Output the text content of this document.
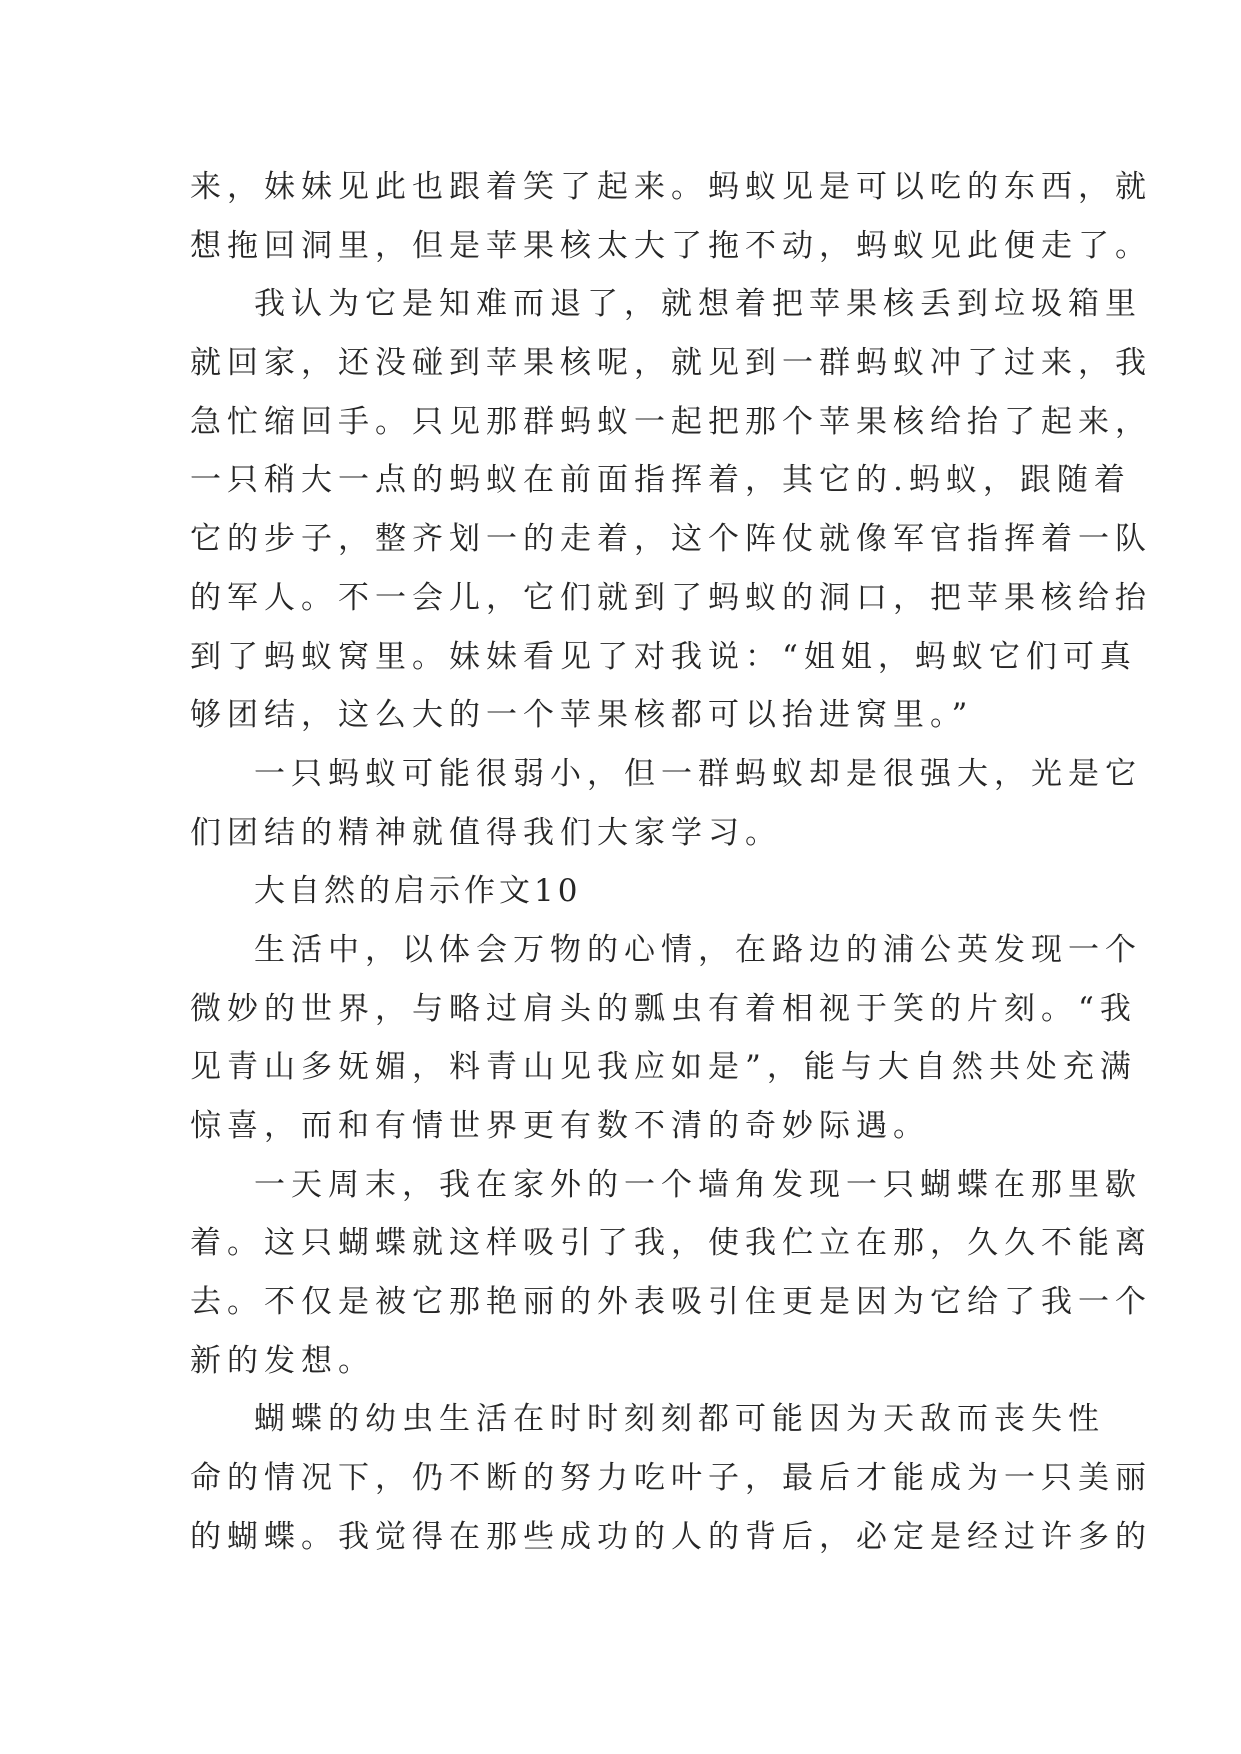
来，妹妹见此也跟着笑了起来。蚂蚁见是可以吃的东西，就
想拖回洞里，但是苹果核太大了拖不动，蚂蚁见此便走了。
我认为它是知难而退了，就想着把苹果核丢到垃圾箱里
就回家，还没碰到苹果核呢，就见到一群蚂蚁冲了过来，我
急忙缩回手。只见那群蚂蚁一起把那个苹果核给抬了起来，
一只稍大一点的蚂蚁在前面指挥着，其它的.蚂蚁，跟随着
它的步子，整齐划一的走着，这个阵仗就像军官指挥着一队
的军人。不一会儿，它们就到了蚂蚁的洞口，把苹果核给抬
到了蚂蚁窝里。妹妹看见了对我说：“姐姐，蚂蚁它们可真
够团结，这么大的一个苹果核都可以抬进窝里。”
一只蚂蚁可能很弱小，但一群蚂蚁却是很强大，光是它
们团结的精神就值得我们大家学习。
大自然的启示作文10
生活中，以体会万物的心情，在路边的浦公英发现一个
微妙的世界，与略过肩头的瓢虫有着相视于笑的片刻。“我
见青山多妩媚，料青山见我应如是”，能与大自然共处充满
惊喜，而和有情世界更有数不清的奇妙际遇。
一天周末，我在家外的一个墙角发现一只蝴蝶在那里歇
着。这只蝴蝶就这样吸引了我，使我伫立在那，久久不能离
去。不仅是被它那艳丽的外表吸引住更是因为它给了我一个
新的发想。
蝴蝶的幼虫生活在时时刻刻都可能因为天敌而丧失性
命的情况下，仍不断的努力吃叶子，最后才能成为一只美丽
的蝴蝶。我觉得在那些成功的人的背后，必定是经过许多的
